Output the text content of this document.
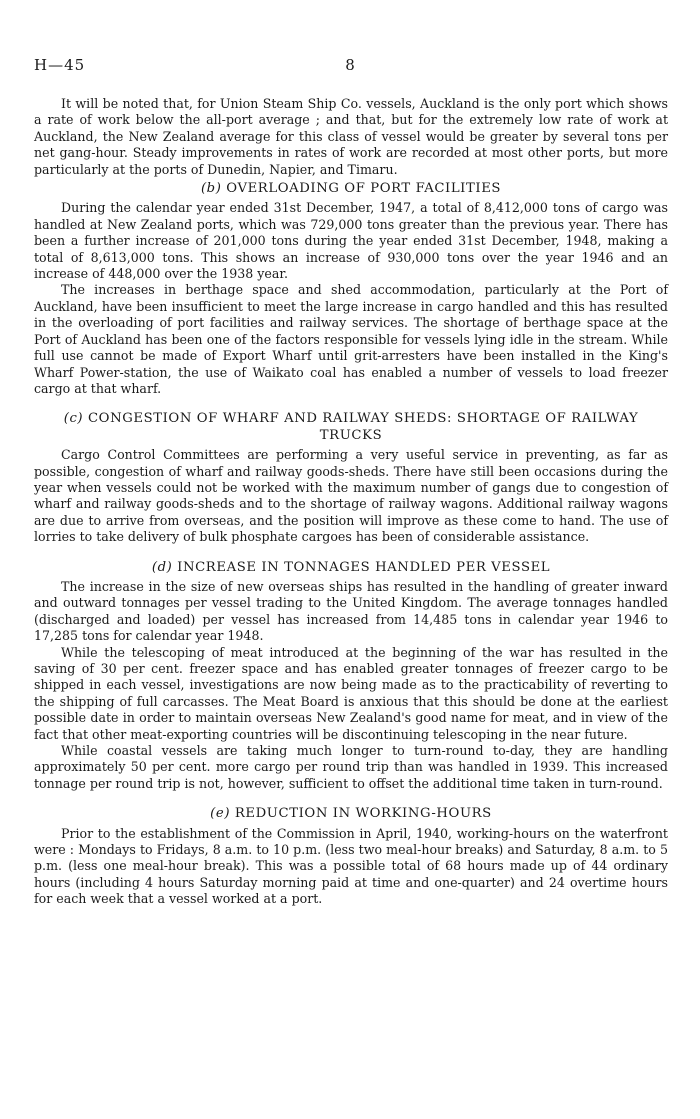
H—45	8

It will be noted that, for Union Steam Ship Co. vessels, Auckland is the only port which shows a rate of work below the all-port average ; and that, but for the extremely low rate of work at Auckland, the New Zealand average for this class of vessel would be greater by several tons per net gang-hour. Steady improvements in rates of work are recorded at most other ports, but more particularly at the ports of Dunedin, Napier, and Timaru.

(b) OVERLOADING OF PORT FACILITIES

During the calendar year ended 31st December, 1947, a total of 8,412,000 tons of cargo was handled at New Zealand ports, which was 729,000 tons greater than the previous year. There has been a further increase of 201,000 tons during the year ended 31st December, 1948, making a total of 8,613,000 tons. This shows an increase of 930,000 tons over the year 1946 and an increase of 448,000 over the 1938 year.

The increases in berthage space and shed accommodation, particularly at the Port of Auckland, have been insufficient to meet the large increase in cargo handled and this has resulted in the overloading of port facilities and railway services. The shortage of berthage space at the Port of Auckland has been one of the factors responsible for vessels lying idle in the stream. While full use cannot be made of Export Wharf until grit-arresters have been installed in the King's Wharf Power-station, the use of Waikato coal has enabled a number of vessels to load freezer cargo at that wharf.

(c) CONGESTION OF WHARF AND RAILWAY SHEDS: SHORTAGE OF RAILWAY TRUCKS

Cargo Control Committees are performing a very useful service in preventing, as far as possible, congestion of wharf and railway goods-sheds. There have still been occasions during the year when vessels could not be worked with the maximum number of gangs due to congestion of wharf and railway goods-sheds and to the shortage of railway wagons. Additional railway wagons are due to arrive from overseas, and the position will improve as these come to hand. The use of lorries to take delivery of bulk phosphate cargoes has been of considerable assistance.

(d) INCREASE IN TONNAGES HANDLED PER VESSEL

The increase in the size of new overseas ships has resulted in the handling of greater inward and outward tonnages per vessel trading to the United Kingdom. The average tonnages handled (discharged and loaded) per vessel has increased from 14,485 tons in calendar year 1946 to 17,285 tons for calendar year 1948.

While the telescoping of meat introduced at the beginning of the war has resulted in the saving of 30 per cent. freezer space and has enabled greater tonnages of freezer cargo to be shipped in each vessel, investigations are now being made as to the practicability of reverting to the shipping of full carcasses. The Meat Board is anxious that this should be done at the earliest possible date in order to maintain overseas New Zealand's good name for meat, and in view of the fact that other meat-exporting countries will be discontinuing telescoping in the near future.

While coastal vessels are taking much longer to turn-round to-day, they are handling approximately 50 per cent. more cargo per round trip than was handled in 1939. This increased tonnage per round trip is not, however, sufficient to offset the additional time taken in turn-round.

(e) REDUCTION IN WORKING-HOURS

Prior to the establishment of the Commission in April, 1940, working-hours on the waterfront were : Mondays to Fridays, 8 a.m. to 10 p.m. (less two meal-hour breaks) and Saturday, 8 a.m. to 5 p.m. (less one meal-hour break). This was a possible total of 68 hours made up of 44 ordinary hours (including 4 hours Saturday morning paid at time and one-quarter) and 24 overtime hours for each week that a vessel worked at a port.
